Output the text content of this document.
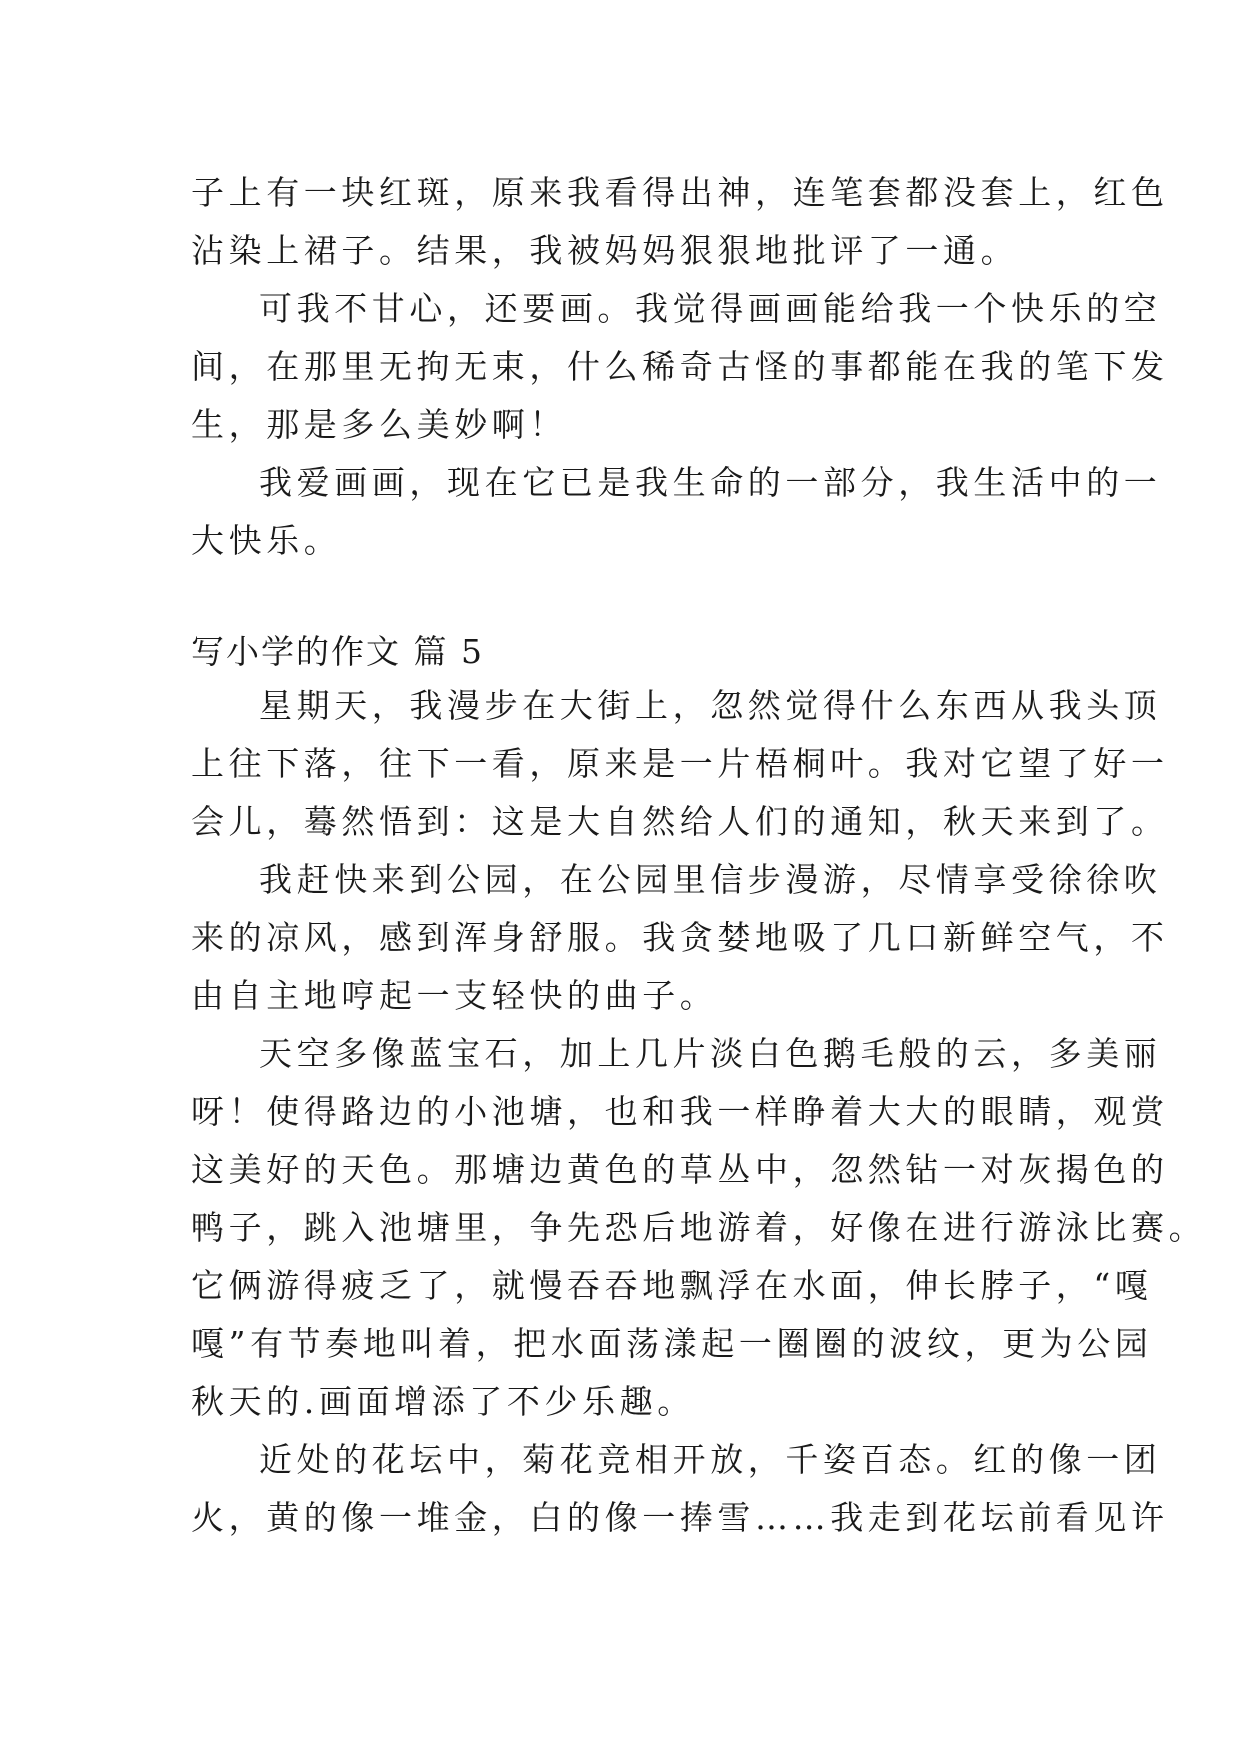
子上有一块红斑，原来我看得出神，连笔套都没套上，红色
沾染上裙子。结果，我被妈妈狠狠地批评了一通。
可我不甘心，还要画。我觉得画画能给我一个快乐的空
间，在那里无拘无束，什么稀奇古怪的事都能在我的笔下发
生，那是多么美妙啊！
我爱画画，现在它已是我生命的一部分，我生活中的一
大快乐。
写小学的作文 篇 5
星期天，我漫步在大街上，忽然觉得什么东西从我头顶
上往下落，往下一看，原来是一片梧桐叶。我对它望了好一
会儿，蓦然悟到：这是大自然给人们的通知，秋天来到了。
我赶快来到公园，在公园里信步漫游，尽情享受徐徐吹
来的凉风，感到浑身舒服。我贪婪地吸了几口新鲜空气，不
由自主地哼起一支轻快的曲子。
天空多像蓝宝石，加上几片淡白色鹅毛般的云，多美丽
呀！使得路边的小池塘，也和我一样睁着大大的眼睛，观赏
这美好的天色。那塘边黄色的草丛中，忽然钻一对灰揭色的
鸭子，跳入池塘里，争先恐后地游着，好像在进行游泳比赛。
它俩游得疲乏了，就慢吞吞地飘浮在水面，伸长脖子，“嘎
嘎”有节奏地叫着，把水面荡漾起一圈圈的波纹，更为公园
秋天的.画面增添了不少乐趣。
近处的花坛中，菊花竞相开放，千姿百态。红的像一团
火，黄的像一堆金，白的像一捧雪……我走到花坛前看见许
